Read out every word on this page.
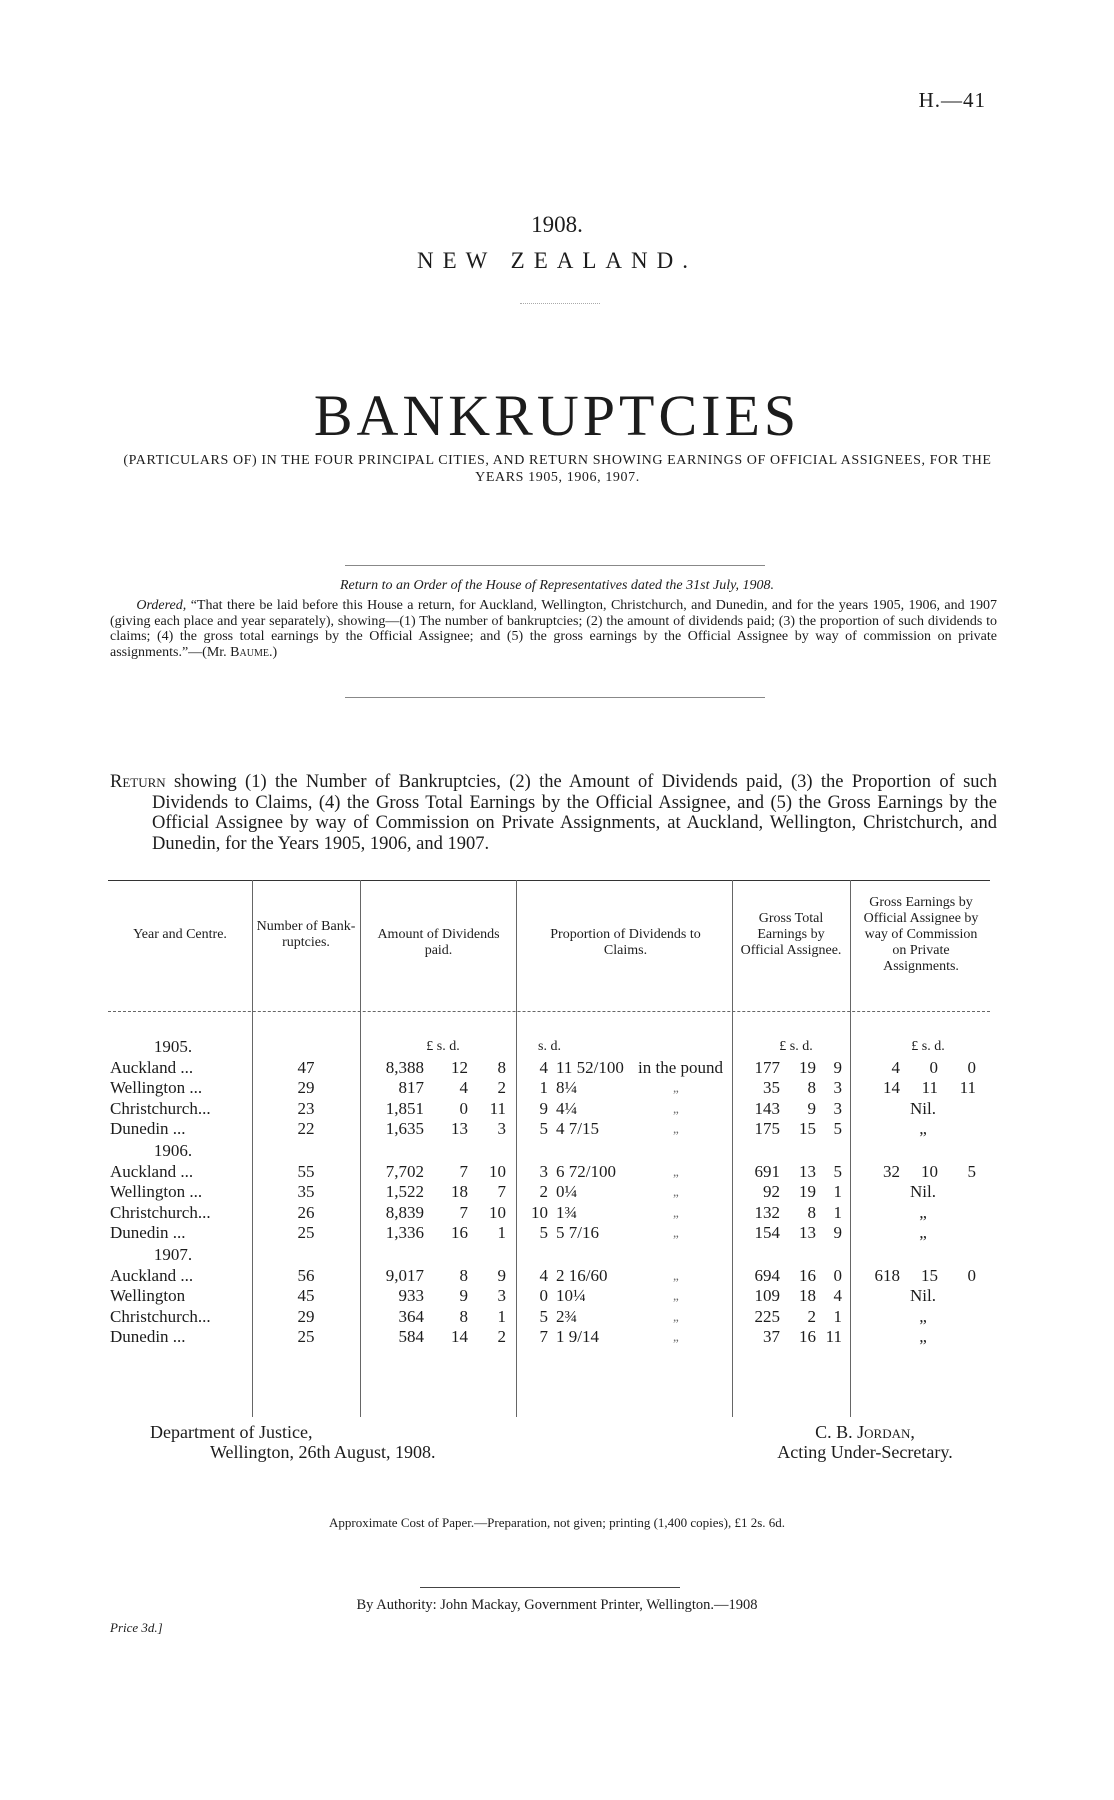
H.—41
1908.
NEW ZEALAND.
BANKRUPTCIES
(PARTICULARS OF) IN THE FOUR PRINCIPAL CITIES, AND RETURN SHOWING EARNINGS OF OFFICIAL ASSIGNEES, FOR THE YEARS 1905, 1906, 1907.
Return to an Order of the House of Representatives dated the 31st July, 1908.
Ordered, “That there be laid before this House a return, for Auckland, Wellington, Christchurch, and Dunedin, and for the years 1905, 1906, and 1907 (giving each place and year separately), showing—(1) The number of bankruptcies; (2) the amount of dividends paid; (3) the proportion of such dividends to claims; (4) the gross total earnings by the Official Assignee; and (5) the gross earnings by the Official Assignee by way of commission on private assignments.”—(Mr. Baume.)
Return showing (1) the Number of Bankruptcies, (2) the Amount of Dividends paid, (3) the Proportion of such Dividends to Claims, (4) the Gross Total Earnings by the Official Assignee, and (5) the Gross Earnings by the Official Assignee by way of Commission on Private Assignments, at Auckland, Wellington, Christchurch, and Dunedin, for the Years 1905, 1906, and 1907.
Year and Centre.
Number of Bank-ruptcies.
Amount of Dividends paid.
Proportion of Dividends to Claims.
Gross Total Earnings by Official Assignee.
Gross Earnings by Official Assignee by way of Commission on Private Assignments.
£ s. d.	s. d.	£ s. d.	£ s. d.
1905.
Auckland ...	47	8,388	12	8	4 11 52/100 in the pound	177	19	9	4	0	0
Wellington ...	29	817	4	2	1 8¼	„	35	8	3	14	11	11
Christchurch...	23	1,851	0	11	9 4¼	„	143	9	3	Nil.
Dunedin ...	22	1,635	13	3	5 4 7/15	„	175	15	5	„
1906.
Auckland ...	55	7,702	7	10	3 6 72/100	„	691	13	5	32	10	5
Wellington ...	35	1,522	18	7	2 0¼	„	92	19	1	Nil.
Christchurch...	26	8,839	7	10	10 1¾	„	132	8	1	„
Dunedin ...	25	1,336	16	1	5 5 7/16	„	154	13	9	„
1907.
Auckland ...	56	9,017	8	9	4 2 16/60	„	694	16	0	618	15	0
Wellington	45	933	9	3	0 10¼	„	109	18	4	Nil.
Christchurch...	29	364	8	1	5 2¾	„	225	2	1	„
Dunedin ...	25	584	14	2	7 1 9/14	„	37	16 11	„
Department of Justice,
Wellington, 26th August, 1908.
C. B. Jordan,
Acting Under-Secretary.
Approximate Cost of Paper.—Preparation, not given; printing (1,400 copies), £1 2s. 6d.
By Authority: John Mackay, Government Printer, Wellington.—1908
Price 3d.]
